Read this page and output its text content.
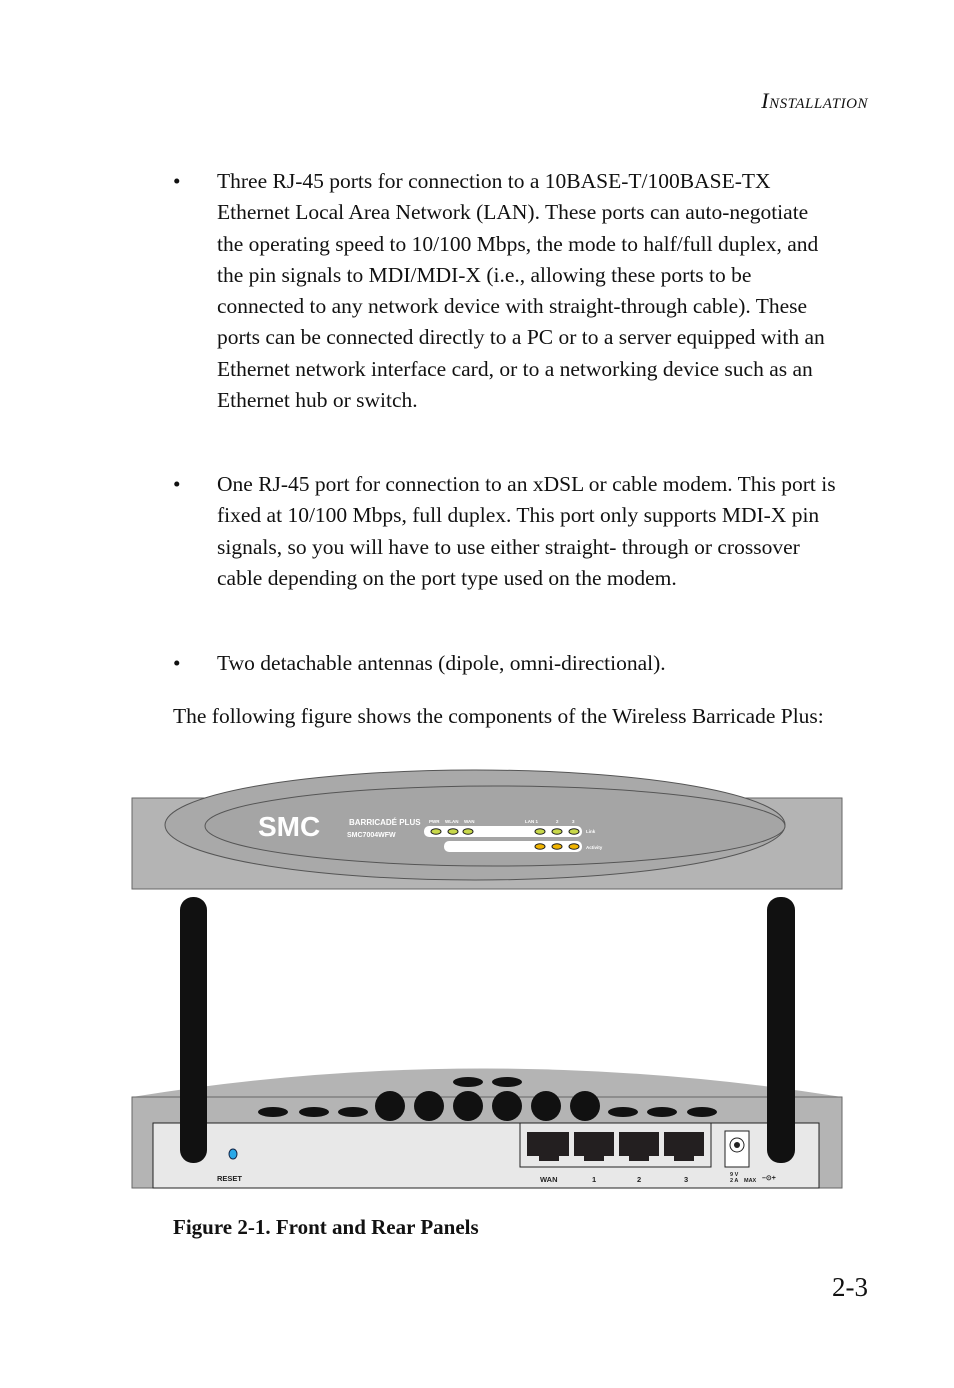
Installation
• Three RJ-45 ports for connection to a 10BASE-T/100BASE-TX Ethernet Local Area Network (LAN). These ports can auto-negotiate the operating speed to 10/100 Mbps, the mode to half/full duplex, and the pin signals to MDI/MDI-X (i.e., allowing these ports to be connected to any network device with straight-through cable). These ports can be connected directly to a PC or to a server equipped with an Ethernet network interface card, or to a networking device such as an Ethernet hub or switch.
• One RJ-45 port for connection to an xDSL or cable modem. This port is fixed at 10/100 Mbps, full duplex. This port only supports MDI-X pin signals, so you will have to use either straight- through or crossover cable depending on the port type used on the modem.
• Two detachable antennas (dipole, omni-directional).
The following figure shows the components of the Wireless Barricade Plus:
SMC	BARRICADÉ PLUS
SMC7004WFW
PWR WLAN WAN	LAN 1	2	3
Link
Activity
RESET	WAN	1	2	3	9 V
2 A MAX –⊙+
Figure 2-1. Front and Rear Panels
2-3
